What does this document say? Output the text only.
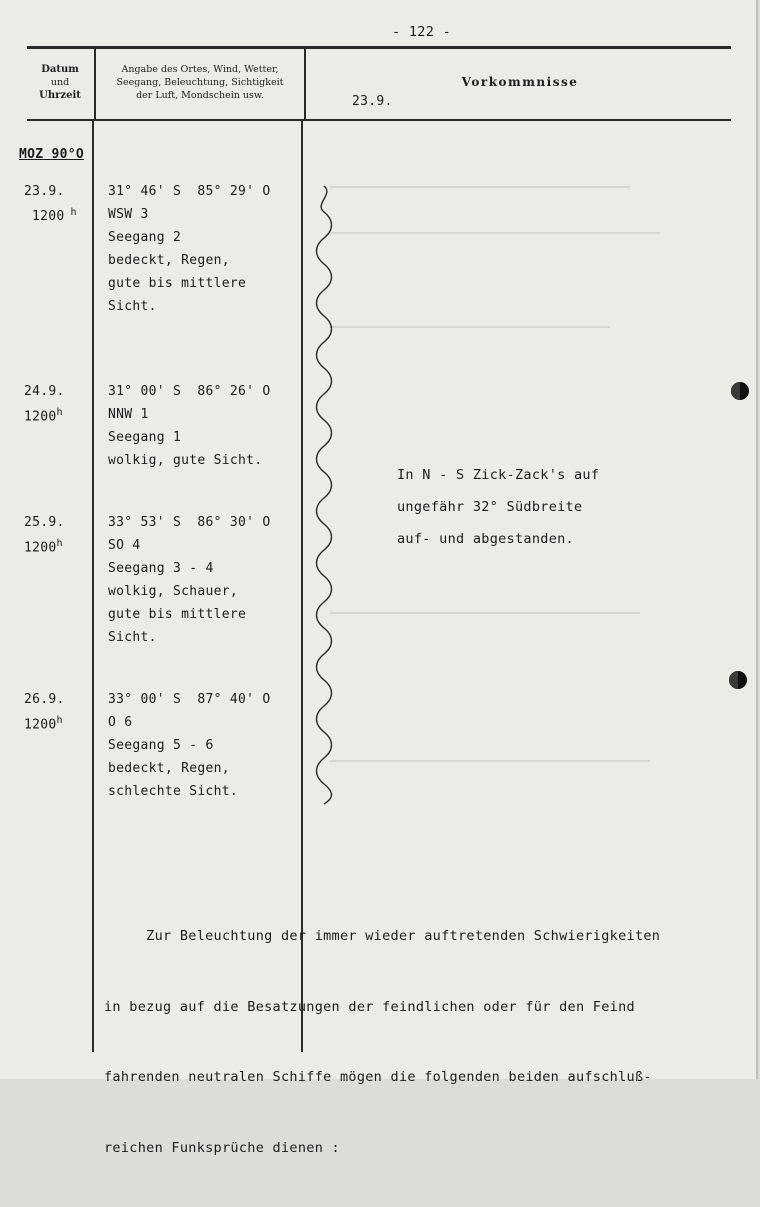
- 122 -
Datum
und
Uhrzeit
Angabe des Ortes, Wind, Wetter,
Seegang, Beleuchtung, Sichtigkeit
der Luft, Mondschein usw.	23.9.
Vorkommnisse
MOZ 90°O
23.9.
1200 $^h$
31° 46' S  85° 29' O
WSW 3
Seegang 2
bedeckt, Regen,
gute bis mittlere
Sicht.
24.9.
1200$^h$
31° 00' S  86° 26' O
NNW 1
Seegang 1
wolkig, gute Sicht.
25.9.
1200$^h$
33° 53' S  86° 30' O
SO 4
Seegang 3 - 4
wolkig, Schauer,
gute bis mittlere
Sicht.
26.9.
1200$^h$
33° 00' S  87° 40' O
O 6
Seegang 5 - 6
bedeckt, Regen,
schlechte Sicht.
In N - S Zick-Zack's auf
ungefähr 32° Südbreite
auf- und abgestanden.

Zur Beleuchtung der immer wieder auftretenden Schwierigkeiten

in bezug auf die Besatzungen der feindlichen oder für den Feind

fahrenden neutralen Schiffe mögen die folgenden beiden aufschluß-

reichen Funksprüche dienen :
